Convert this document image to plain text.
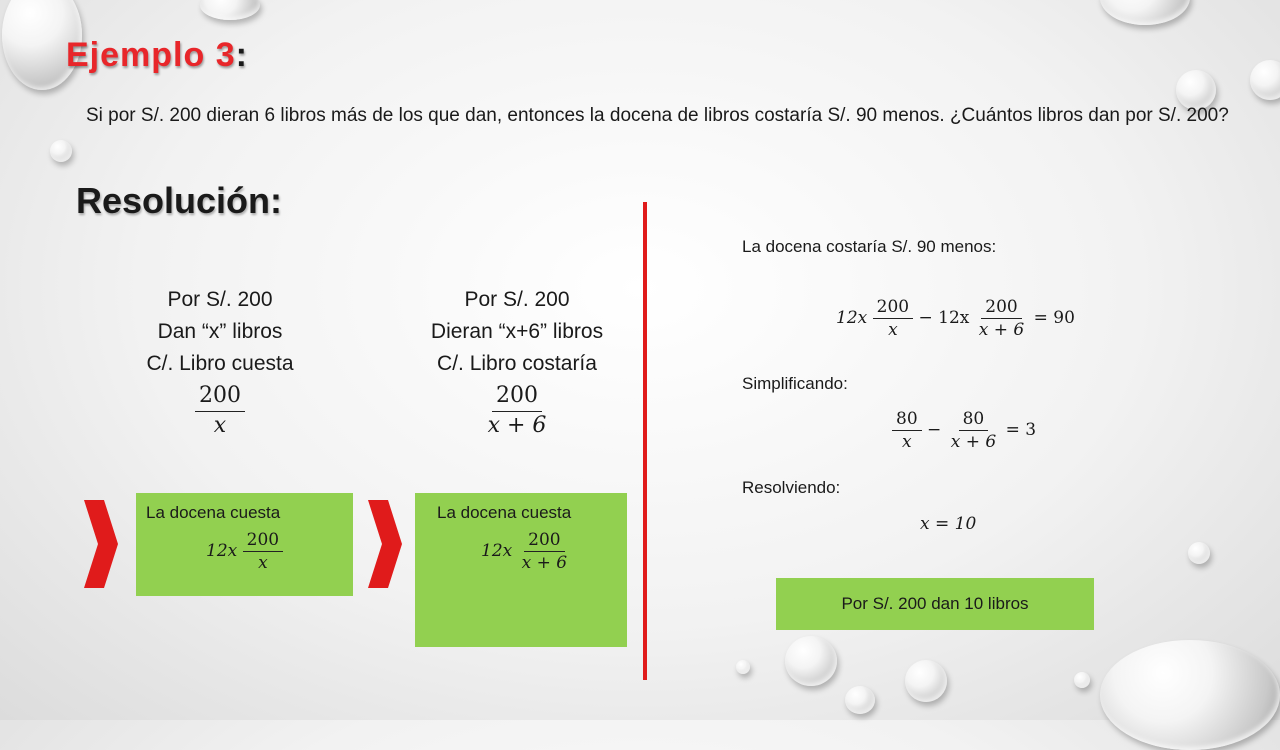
Ejemplo 3:
Si por S/. 200 dieran 6 libros más de los que dan, entonces la docena de libros costaría S/. 90 menos. ¿Cuántos libros dan por S/. 200?
Resolución:
Por S/. 200
Dan “x” libros
C/. Libro cuesta
$\frac{200}{x}$
Por S/. 200
Dieran “x+6” libros
C/. Libro costaría
$\frac{200}{x + 6}$
La docena cuesta
$12x \frac{200}{x}$
La docena cuesta
$12x \frac{200}{x + 6}$
La docena costaría S/. 90 menos:
$12x \frac{200}{x} - 12x \frac{200}{x + 6} = 90$
Simplificando:
$\frac{80}{x} - \frac{80}{x + 6} = 3$
Resolviendo:
x = 10
Por S/. 200 dan 10 libros
